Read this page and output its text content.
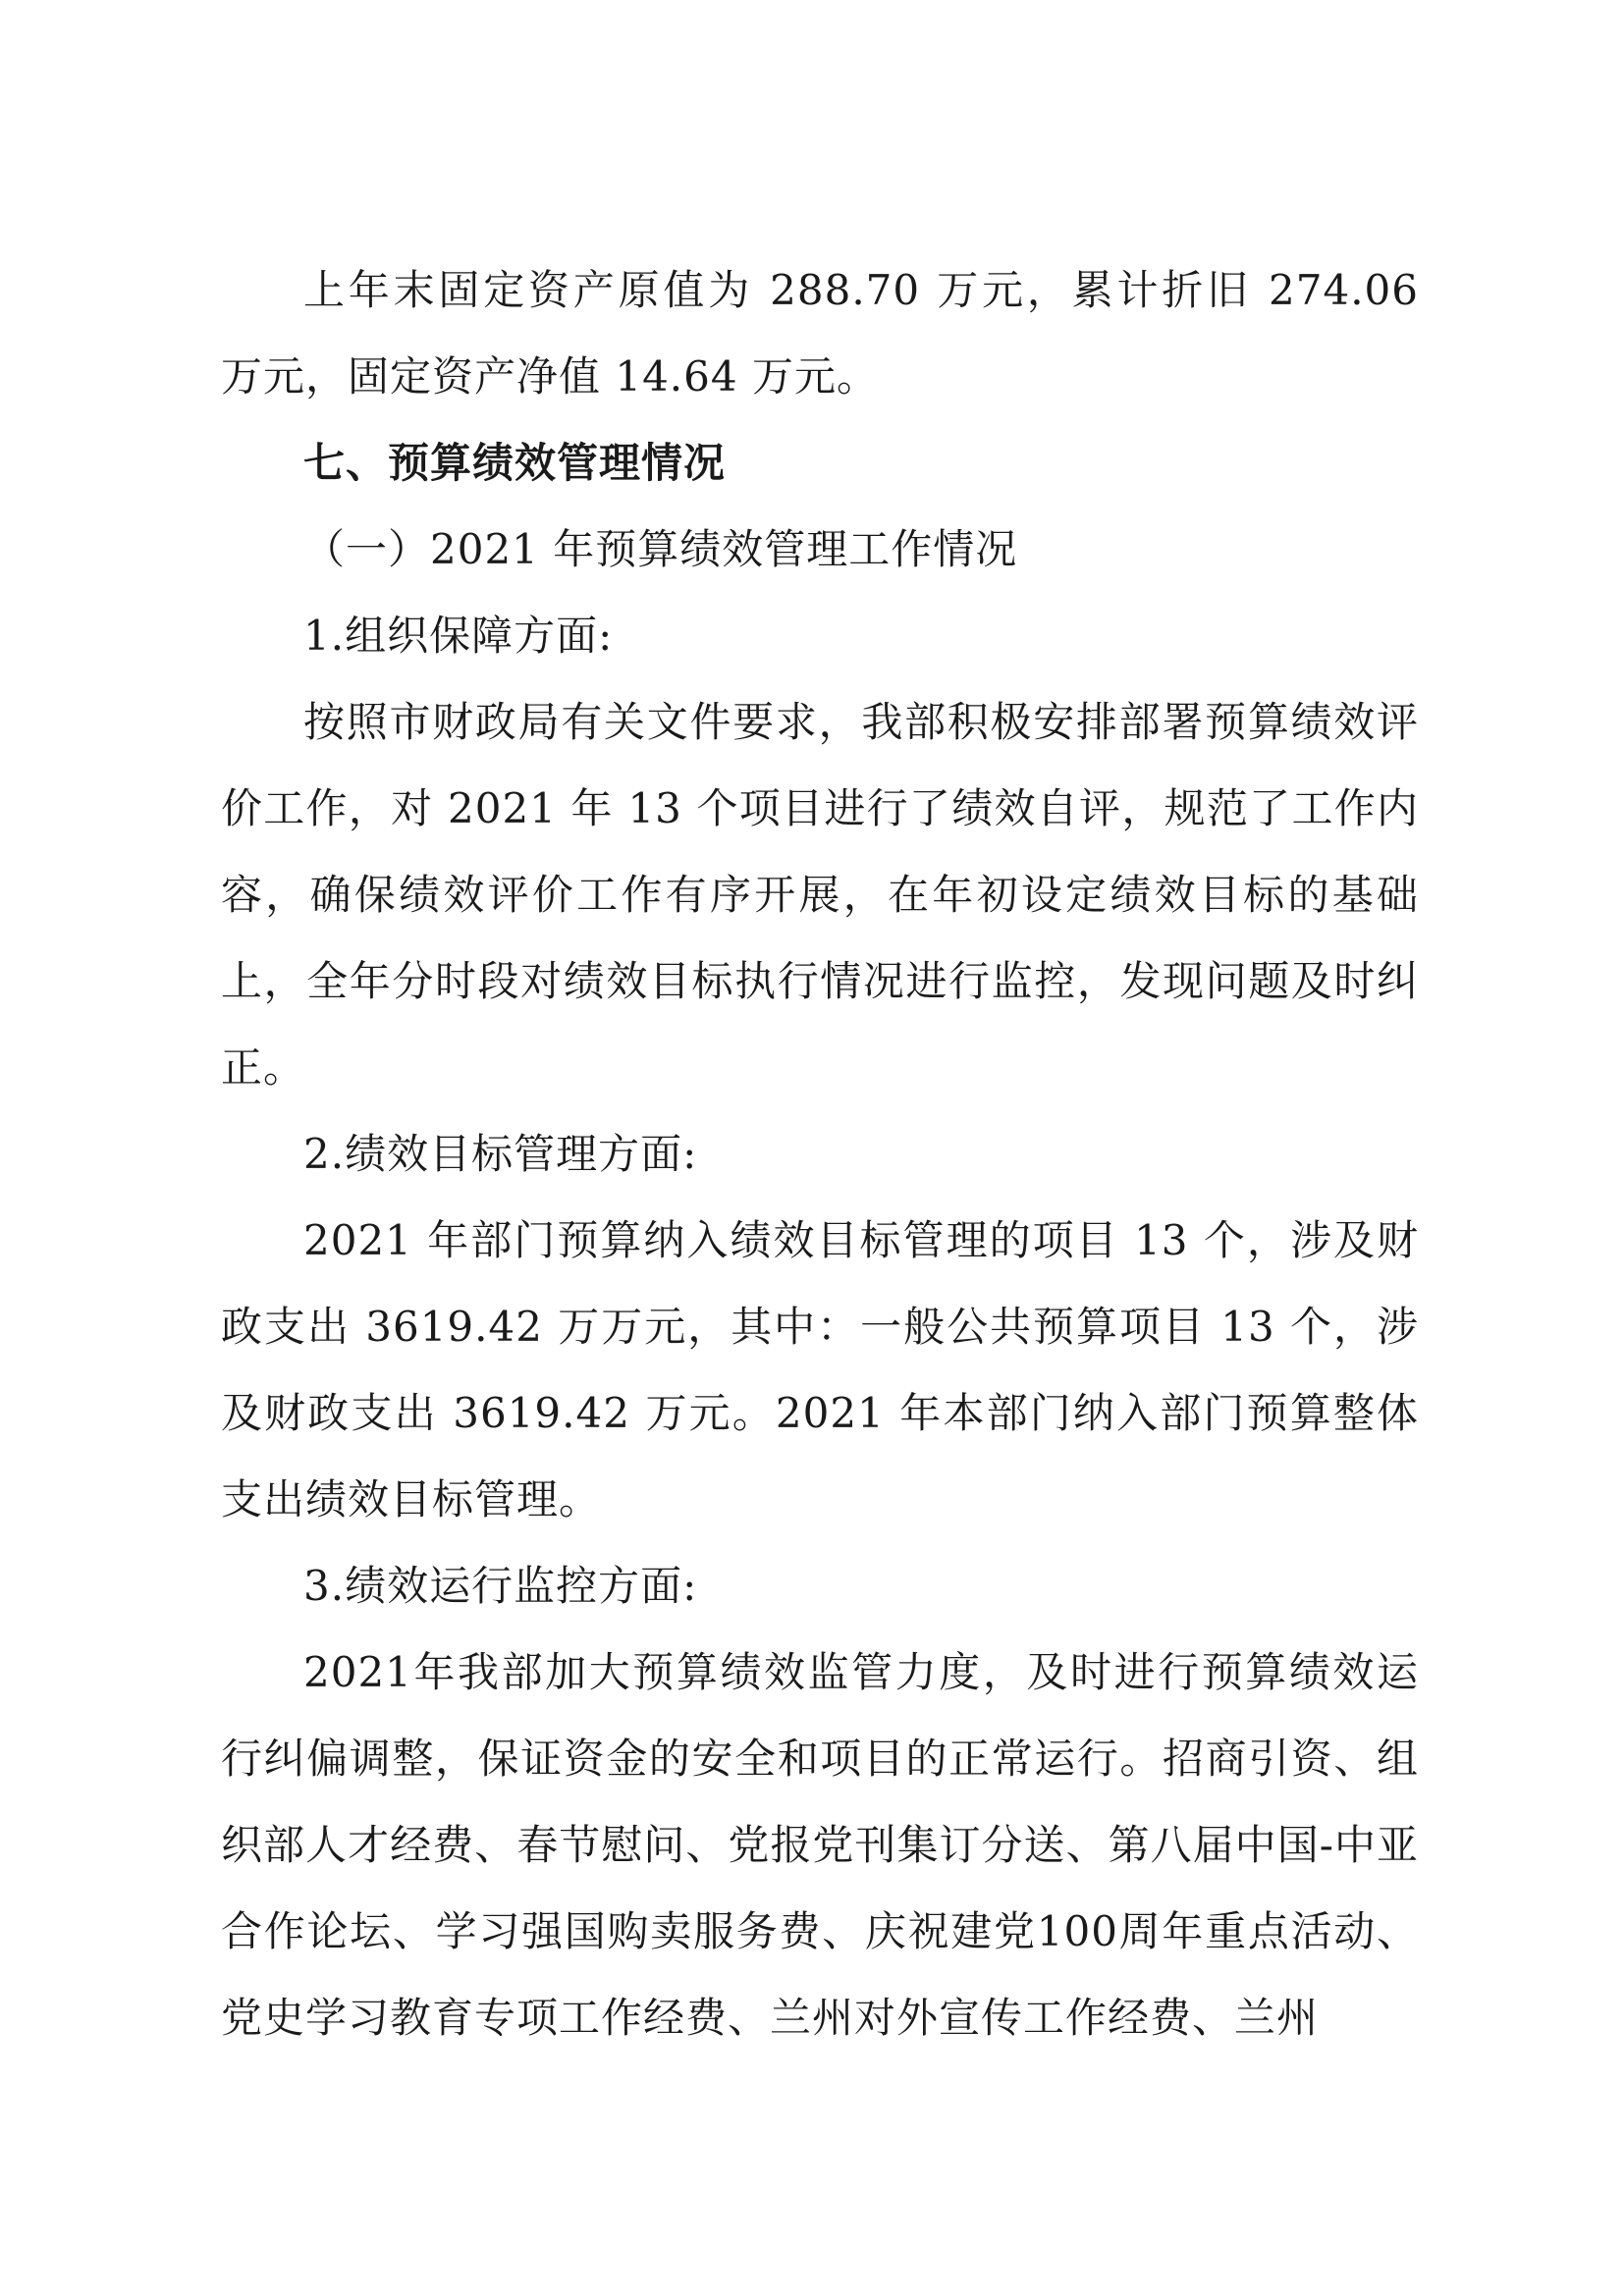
上年末固定资产原值为 288.70 万元，累计折旧 274.06 万元，固定资产净值 14.64 万元。

七、预算绩效管理情况

（一）2021 年预算绩效管理工作情况

1.组织保障方面:

按照市财政局有关文件要求，我部积极安排部署预算绩效评价工作，对 2021 年 13 个项目进行了绩效自评，规范了工作内容，确保绩效评价工作有序开展，在年初设定绩效目标的基础上，全年分时段对绩效目标执行情况进行监控，发现问题及时纠正。

2.绩效目标管理方面:

2021 年部门预算纳入绩效目标管理的项目 13 个，涉及财政支出 3619.42 万万元，其中：一般公共预算项目 13 个，涉及财政支出 3619.42 万元。2021 年本部门纳入部门预算整体支出绩效目标管理。

3.绩效运行监控方面:

2021年我部加大预算绩效监管力度，及时进行预算绩效运行纠偏调整，保证资金的安全和项目的正常运行。招商引资、组织部人才经费、春节慰问、党报党刊集订分送、第八届中国-中亚合作论坛、学习强国购卖服务费、庆祝建党100周年重点活动、党史学习教育专项工作经费、兰州对外宣传工作经费、兰州
